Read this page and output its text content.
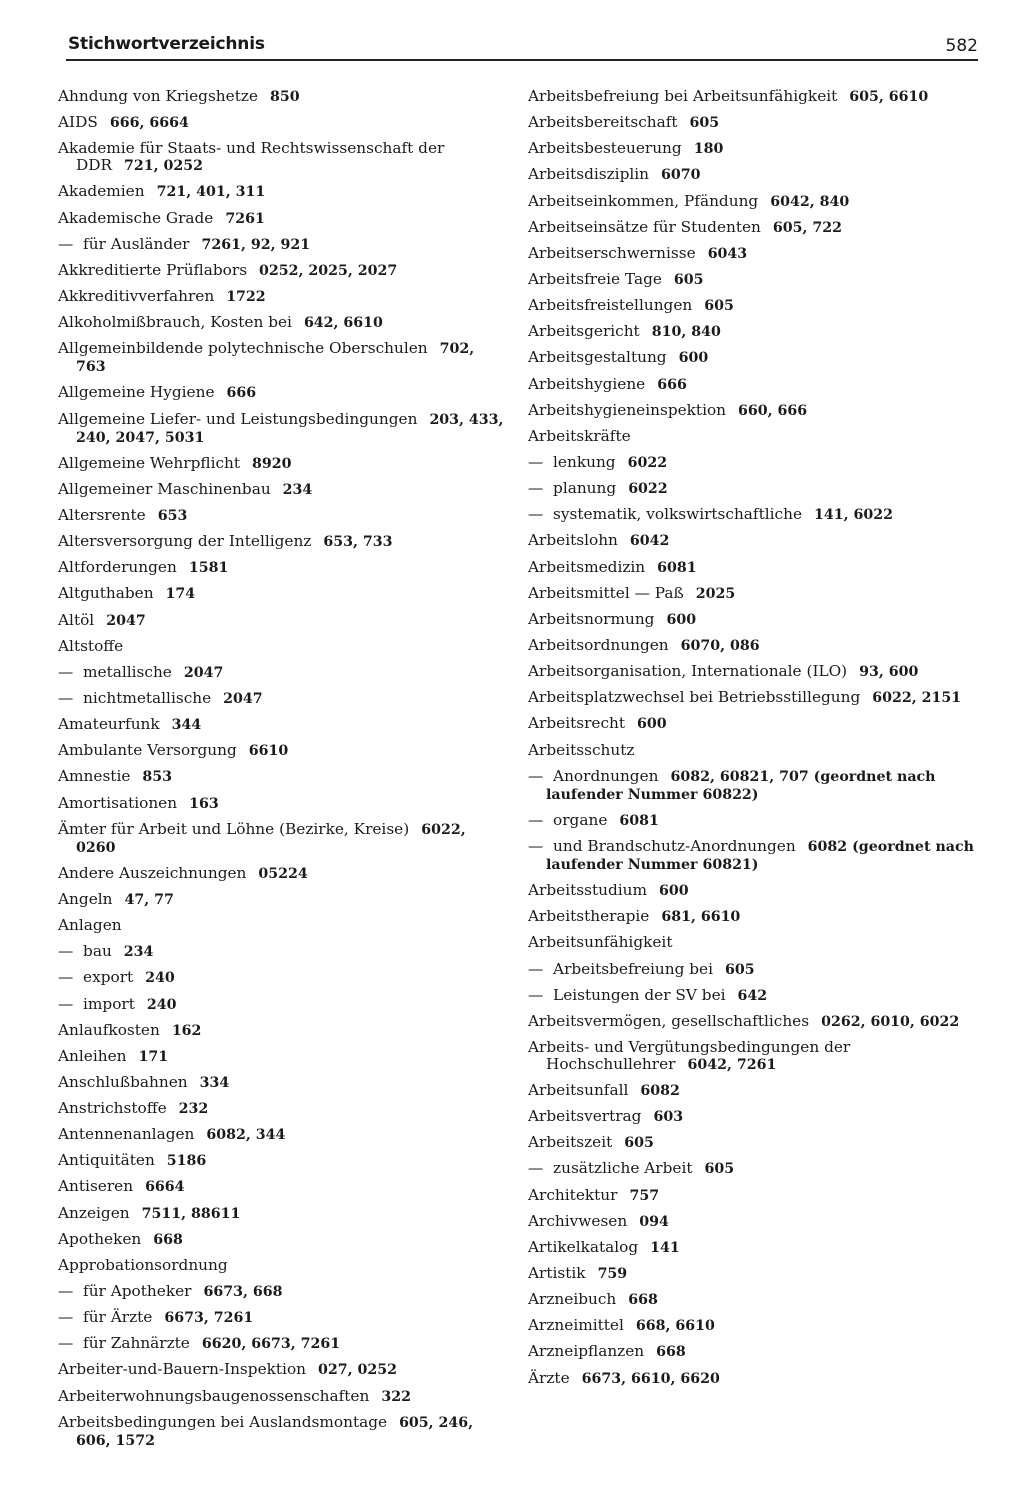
Stichwortverzeichnis	582
Ahndung von Kriegshetze 850
AIDS 666, 6664
Akademie für Staats- und Rechtswissenschaft der DDR 721, 0252
Akademien 721, 401, 311
Akademische Grade 7261
—  für Ausländer 7261, 92, 921
Akkreditierte Prüflabors 0252, 2025, 2027
Akkreditivverfahren 1722
Alkoholmißbrauch, Kosten bei 642, 6610
Allgemeinbildende polytechnische Oberschulen 702, 763
Allgemeine Hygiene 666
Allgemeine Liefer- und Leistungsbedingungen 203, 433, 240, 2047, 5031
Allgemeine Wehrpflicht 8920
Allgemeiner Maschinenbau 234
Altersrente 653
Altersversorgung der Intelligenz 653, 733
Altforderungen 1581
Altguthaben 174
Altöl 2047
Altstoffe
—  metallische 2047
—  nichtmetallische 2047
Amateurfunk 344
Ambulante Versorgung 6610
Amnestie 853
Amortisationen 163
Ämter für Arbeit und Löhne (Bezirke, Kreise) 6022, 0260
Andere Auszeichnungen 05224
Angeln 47, 77
Anlagen
—  bau 234
—  export 240
—  import 240
Anlaufkosten 162
Anleihen 171
Anschlußbahnen 334
Anstrichstoffe 232
Antennenanlagen 6082, 344
Antiquitäten 5186
Antiseren 6664
Anzeigen 7511, 88611
Apotheken 668
Approbationsordnung
—  für Apotheker 6673, 668
—  für Ärzte 6673, 7261
—  für Zahnärzte 6620, 6673, 7261
Arbeiter-und-Bauern-Inspektion 027, 0252
Arbeiterwohnungsbaugenossenschaften 322
Arbeitsbedingungen bei Auslandsmontage 605, 246, 606, 1572
Arbeitsbefreiung bei Arbeitsunfähigkeit 605, 6610
Arbeitsbereitschaft 605
Arbeitsbesteuerung 180
Arbeitsdisziplin 6070
Arbeitseinkommen, Pfändung 6042, 840
Arbeitseinsätze für Studenten 605, 722
Arbeitserschwernisse 6043
Arbeitsfreie Tage 605
Arbeitsfreistellungen 605
Arbeitsgericht 810, 840
Arbeitsgestaltung 600
Arbeitshygiene 666
Arbeitshygieneinspektion 660, 666
Arbeitskräfte
—  lenkung 6022
—  planung 6022
—  systematik, volkswirtschaftliche 141, 6022
Arbeitslohn 6042
Arbeitsmedizin 6081
Arbeitsmittel — Paß 2025
Arbeitsnormung 600
Arbeitsordnungen 6070, 086
Arbeitsorganisation, Internationale (ILO) 93, 600
Arbeitsplatzwechsel bei Betriebsstillegung 6022, 2151
Arbeitsrecht 600
Arbeitsschutz
—  Anordnungen 6082, 60821, 707 (geordnet nach laufender Nummer 60822)
—  organe 6081
—  und Brandschutz-Anordnungen 6082 (geordnet nach laufender Nummer 60821)
Arbeitsstudium 600
Arbeitstherapie 681, 6610
Arbeitsunfähigkeit
—  Arbeitsbefreiung bei 605
—  Leistungen der SV bei 642
Arbeitsvermögen, gesellschaftliches 0262, 6010, 6022
Arbeits- und Vergütungsbedingungen der Hochschullehrer 6042, 7261
Arbeitsunfall 6082
Arbeitsvertrag 603
Arbeitszeit 605
—  zusätzliche Arbeit 605
Architektur 757
Archivwesen 094
Artikelkatalog 141
Artistik 759
Arzneibuch 668
Arzneimittel 668, 6610
Arzneipflanzen 668
Ärzte 6673, 6610, 6620
